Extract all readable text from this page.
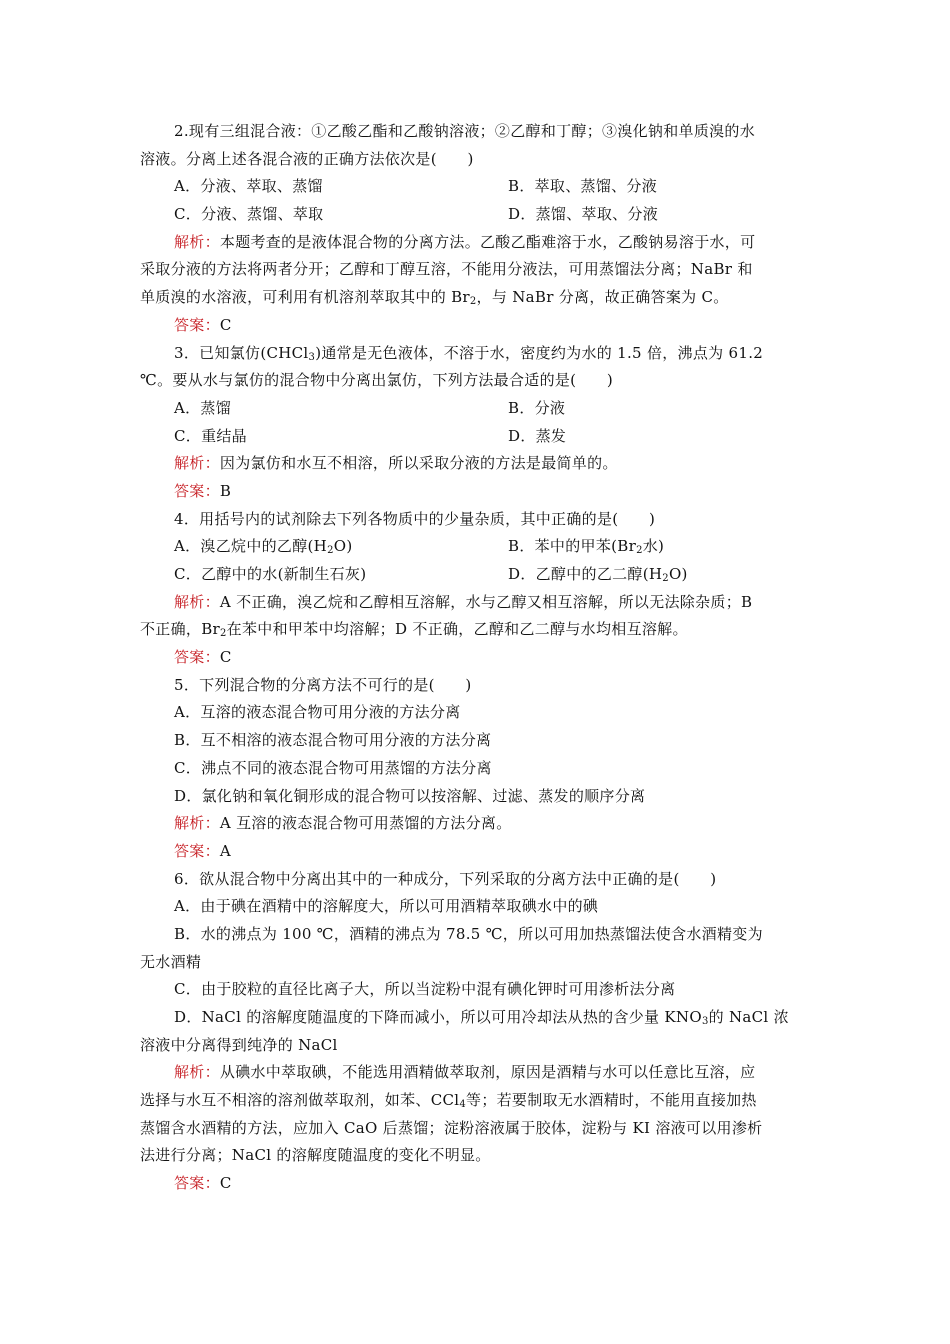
2.现有三组混合液：①乙酸乙酯和乙酸钠溶液；②乙醇和丁醇；③溴化钠和单质溴的水
溶液。分离上述各混合液的正确方法依次是(　　)
A．分液、萃取、蒸馏	B．萃取、蒸馏、分液
C．分液、蒸馏、萃取	D．蒸馏、萃取、分液
解析：本题考查的是液体混合物的分离方法。乙酸乙酯难溶于水，乙酸钠易溶于水，可
采取分液的方法将两者分开；乙醇和丁醇互溶，不能用分液法，可用蒸馏法分离；NaBr 和
单质溴的水溶液，可利用有机溶剂萃取其中的 $Br_2$，与 NaBr 分离，故正确答案为 C。
答案：C
3．已知氯仿(CHCl$_3$)通常是无色液体，不溶于水，密度约为水的 1.5 倍，沸点为 61.2
℃。要从水与氯仿的混合物中分离出氯仿，下列方法最合适的是(　　)
A．蒸馏	B．分液
C．重结晶	D．蒸发
解析：因为氯仿和水互不相溶，所以采取分液的方法是最简单的。
答案：B
4．用括号内的试剂除去下列各物质中的少量杂质，其中正确的是(　　)
A．溴乙烷中的乙醇$(H_2O)$	B．苯中的甲苯($Br_2$水)
C．乙醇中的水(新制生石灰)	D．乙醇中的乙二醇$(H_2O)$
解析：A 不正确，溴乙烷和乙醇相互溶解，水与乙醇又相互溶解，所以无法除杂质；B
不正确，$Br_2$在苯中和甲苯中均溶解；D 不正确，乙醇和乙二醇与水均相互溶解。
答案：C
5．下列混合物的分离方法不可行的是(　　)
A．互溶的液态混合物可用分液的方法分离
B．互不相溶的液态混合物可用分液的方法分离
C．沸点不同的液态混合物可用蒸馏的方法分离
D．氯化钠和氧化铜形成的混合物可以按溶解、过滤、蒸发的顺序分离
解析：A 互溶的液态混合物可用蒸馏的方法分离。
答案：A
6．欲从混合物中分离出其中的一种成分，下列采取的分离方法中正确的是(　　)
A．由于碘在酒精中的溶解度大，所以可用酒精萃取碘水中的碘
B．水的沸点为 100 ℃，酒精的沸点为 78.5 ℃，所以可用加热蒸馏法使含水酒精变为
无水酒精
C．由于胶粒的直径比离子大，所以当淀粉中混有碘化钾时可用渗析法分离
D．NaCl 的溶解度随温度的下降而减小，所以可用冷却法从热的含少量 $KNO_3$的 NaCl 浓
溶液中分离得到纯净的 NaCl
解析：从碘水中萃取碘，不能选用酒精做萃取剂，原因是酒精与水可以任意比互溶，应
选择与水互不相溶的溶剂做萃取剂，如苯、CCl$_4$等；若要制取无水酒精时，不能用直接加热
蒸馏含水酒精的方法，应加入 CaO 后蒸馏；淀粉溶液属于胶体，淀粉与 KI 溶液可以用渗析
法进行分离；NaCl 的溶解度随温度的变化不明显。
答案：C
